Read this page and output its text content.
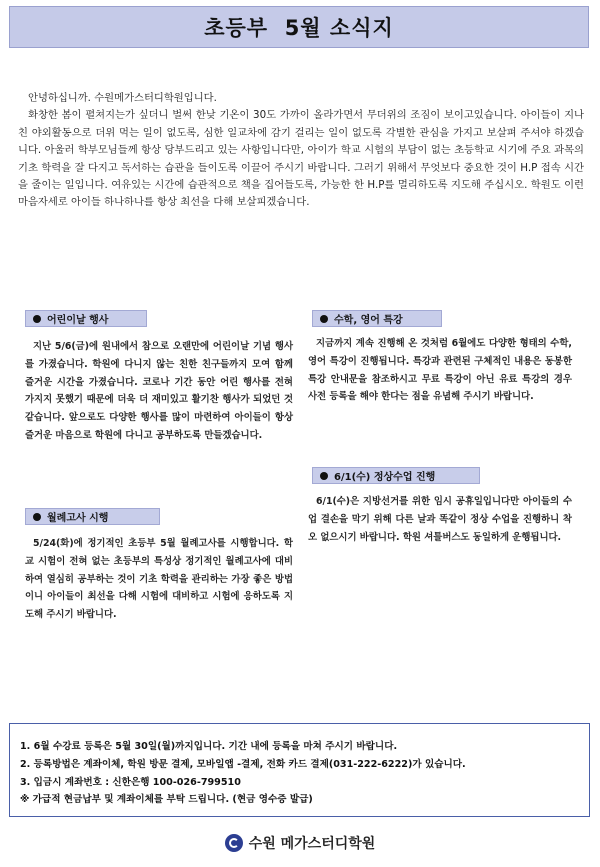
초등부  5월 소식지

안녕하십니까. 수원메가스터디학원입니다.

화창한 봄이 펼쳐지는가 싶더니 벌써 한낮 기온이 30도 가까이 올라가면서 무더위의 조짐이 보이고있습니다. 아이들이 지나친 야외활동으로 더위 먹는 일이 없도록, 심한 일교차에 감기 걸리는 일이 없도록 각별한 관심을 가지고 보살펴 주셔야 하겠습니다. 아울러 학부모님들께 항상 당부드리고 있는 사항입니다만, 아이가 학교 시험의 부담이 없는 초등학교 시기에 주요 과목의 기초 학력을 잘 다지고 독서하는 습관을 들이도록 이끌어 주시기 바랍니다. 그러기 위해서 무엇보다 중요한 것이 H.P 접속 시간을 줄이는 일입니다. 여유있는 시간에 습관적으로 책을 집어들도록, 가능한 한 H.P를 멀리하도록 지도해 주십시오. 학원도 이런 마음자세로 아이들 하나하나를 항상 최선을 다해 보살피겠습니다.

어린이날 행사

지난 5/6(금)에 원내에서 참으로 오랜만에 어린이날 기념 행사를 가졌습니다. 학원에 다니지 않는 친한 친구들까지 모여 함께 즐거운 시간을 가졌습니다. 코로나 기간 동안 어린 행사를 전혀 가지지 못했기 때문에 더욱 더 재미있고 활기찬 행사가 되었던 것 같습니다. 앞으로도 다양한 행사를 많이 마련하여 아이들이 항상 즐거운 마음으로 학원에 다니고 공부하도록 만들겠습니다.

월례고사 시행

5/24(화)에 정기적인 초등부 5월 월례고사를 시행합니다. 학교 시험이 전혀 없는 초등부의 특성상 정기적인 월례고사에 대비하여 열심히 공부하는 것이 기초 학력을 관리하는 가장 좋은 방법이니 아이들이 최선을 다해 시험에 대비하고 시험에 응하도록 지도해 주시기 바랍니다.

수학, 영어 특강

지금까지 계속 진행해 온 것처럼 6월에도 다양한 형태의 수학, 영어 특강이 진행됩니다. 특강과 관련된 구체적인 내용은 동봉한 특강 안내문을 참조하시고 무료 특강이 아닌 유료 특강의 경우 사전 등록을 해야 한다는 점을 유념해 주시기 바랍니다.

6/1(수) 정상수업 진행

6/1(수)은 지방선거를 위한 임시 공휴일입니다만 아이들의 수업 결손을 막기 위해 다른 날과 똑같이 정상 수업을 진행하니 착오 없으시기 바랍니다. 학원 셔틀버스도 동일하게 운행됩니다.

1. 6월 수강료 등록은 5월 30일(월)까지입니다. 기간 내에 등록을 마쳐 주시기 바랍니다.
2. 등록방법은 계좌이체, 학원 방문 결제, 모바일앱 -결제, 전화 카드 결제(031-222-6222)가 있습니다.
3. 입금시 계좌번호 : 신한은행 100-026-799510
※ 가급적 현금납부 및 계좌이체를 부탁 드립니다. (현금 영수증 발급)
수원 메가스터디학원
